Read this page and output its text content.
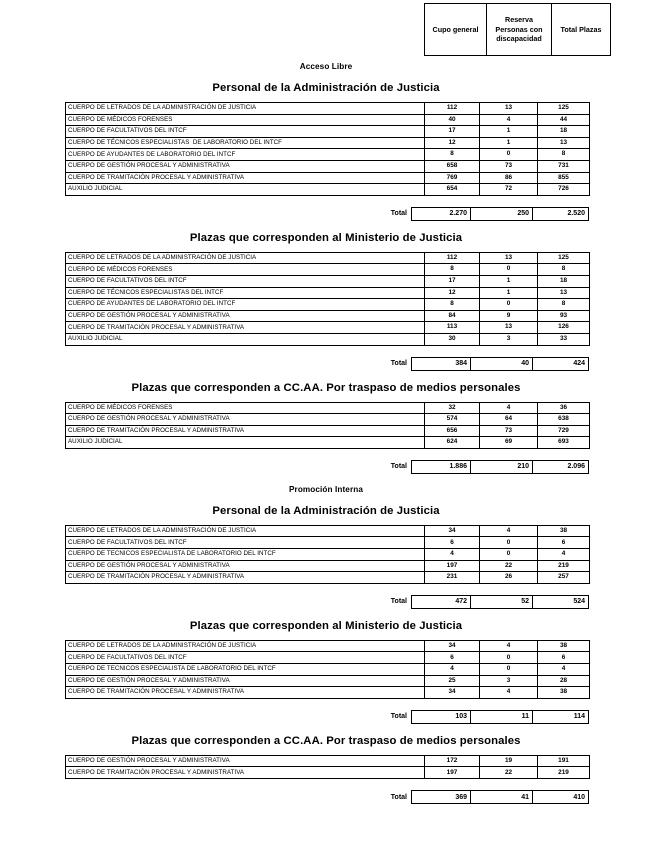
Cupo general	Reserva Personas con discapacidad	Total Plazas
Acceso Libre
Personal de la Administración de Justicia
CUERPO DE LETRADOS DE LA ADMINISTRACIÓN DE JUSTICIA	112	13	125
CUERPO DE MÉDICOS FORENSES	40	4	44
CUERPO DE FACULTATIVOS DEL INTCF	17	1	18
CUERPO DE TÉCNICOS ESPECIALISTAS  DE LABORATORIO DEL INTCF	12	1	13
CUERPO DE AYUDANTES DE LABORATORIO DEL INTCF	8	0	8
CUERPO DE GESTIÓN PROCESAL Y ADMINISTRATIVA	658	73	731
CUERPO DE TRAMITACIÓN PROCESAL Y ADMINISTRATIVA	769	86	855
AUXILIO JUDICIAL	654	72	726
Total	2.270	250	2.520
Plazas que corresponden al Ministerio de Justicia
CUERPO DE LETRADOS DE LA ADMINISTRACIÓN DE JUSTICIA	112	13	125
CUERPO DE MÉDICOS FORENSES	8	0	8
CUERPO DE FACULTATIVOS DEL INTCF	17	1	18
CUERPO DE TÉCNICOS ESPECIALISTAS DEL INTCF	12	1	13
CUERPO DE AYUDANTES DE LABORATORIO DEL INTCF	8	0	8
CUERPO DE GESTIÓN PROCESAL Y ADMINISTRATIVA	84	9	93
CUERPO DE TRAMITACIÓN PROCESAL Y ADMINISTRATIVA	113	13	126
AUXILIO JUDICIAL	30	3	33
Total	384	40	424
Plazas que corresponden a CC.AA. Por traspaso de medios personales
CUERPO DE MÉDICOS FORENSES	32	4	36
CUERPO DE GESTIÓN PROCESAL Y ADMINISTRATIVA	574	64	638
CUERPO DE TRAMITACIÓN PROCESAL Y ADMINISTRATIVA	656	73	729
AUXILIO JUDICIAL	624	69	693
Total	1.886	210	2.096
Promoción Interna
Personal de la Administración de Justicia
CUERPO DE LETRADOS DE LA ADMINISTRACIÓN DE JUSTICIA	34	4	38
CUERPO DE FACULTATIVOS DEL INTCF	6	0	6
CUERPO DE TECNICOS ESPECIALISTA DE LABORATORIO DEL INTCF	4	0	4
CUERPO DE GESTIÓN PROCESAL Y ADMINISTRATIVA	197	22	219
CUERPO DE TRAMITACIÓN PROCESAL Y ADMINISTRATIVA	231	26	257
Total	472	52	524
Plazas que corresponden al Ministerio de Justicia
CUERPO DE LETRADOS DE LA ADMINISTRACIÓN DE JUSTICIA	34	4	38
CUERPO DE FACULTATIVOS DEL INTCF	6	0	6
CUERPO DE TECNICOS ESPECIALISTA DE LABORATORIO DEL INTCF	4	0	4
CUERPO DE GESTIÓN PROCESAL Y ADMINISTRATIVA	25	3	28
CUERPO DE TRAMITACIÓN PROCESAL Y ADMINISTRATIVA	34	4	38
Total	103	11	114
Plazas que corresponden a CC.AA. Por traspaso de medios personales
CUERPO DE GESTIÓN PROCESAL Y ADMINISTRATIVA	172	19	191
CUERPO DE TRAMITACIÓN PROCESAL Y ADMINISTRATIVA	197	22	219
Total	369	41	410
